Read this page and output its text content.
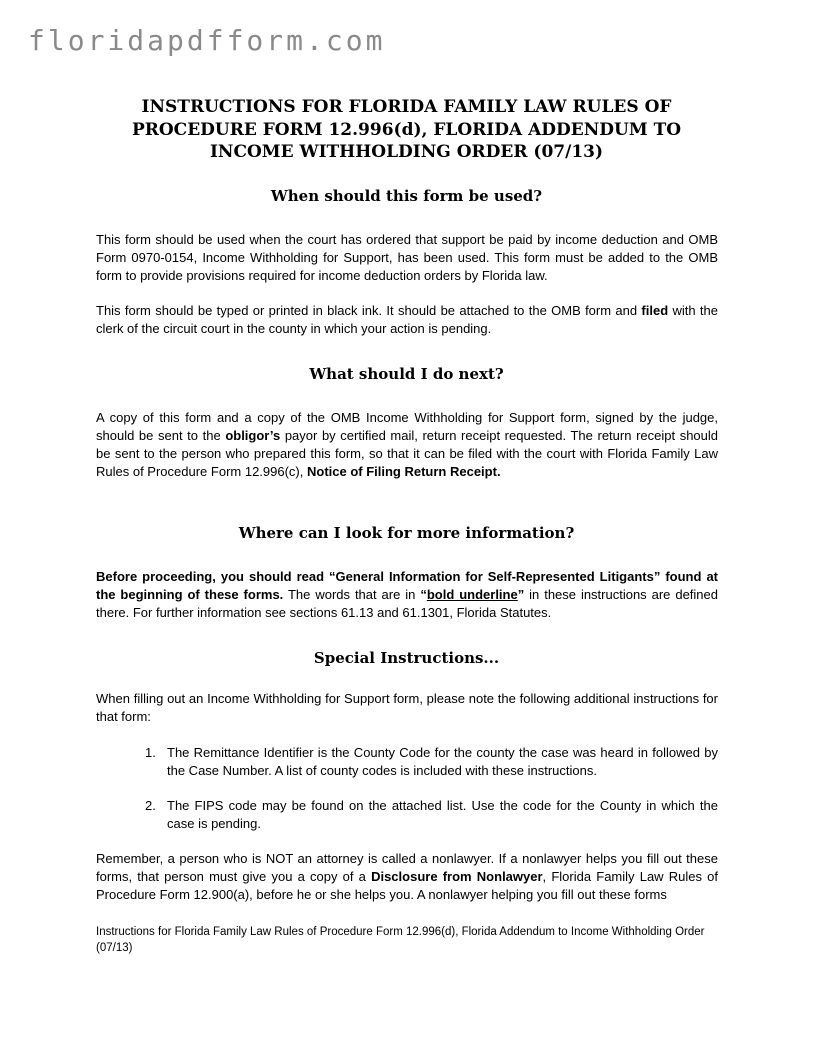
floridapdfform.com
INSTRUCTIONS FOR FLORIDA FAMILY LAW RULES OF
PROCEDURE FORM 12.996(d), FLORIDA ADDENDUM TO
INCOME WITHHOLDING ORDER (07/13)
When should this form be used?

This form should be used when the court has ordered that support be paid by income deduction and OMB Form 0970-0154, Income Withholding for Support, has been used. This form must be added to the OMB form to provide provisions required for income deduction orders by Florida law.

This form should be typed or printed in black ink. It should be attached to the OMB form and filed with the clerk of the circuit court in the county in which your action is pending.

What should I do next?

A copy of this form and a copy of the OMB Income Withholding for Support form, signed by the judge, should be sent to the obligor’s payor by certified mail, return receipt requested. The return receipt should be sent to the person who prepared this form, so that it can be filed with the court with Florida Family Law Rules of Procedure Form 12.996(c), Notice of Filing Return Receipt.

Where can I look for more information?

Before proceeding, you should read “General Information for Self-Represented Litigants” found at the beginning of these forms. The words that are in “bold underline” in these instructions are defined there. For further information see sections 61.13 and 61.1301, Florida Statutes.

Special Instructions...

When filling out an Income Withholding for Support form, please note the following additional instructions for that form:

1. The Remittance Identifier is the County Code for the county the case was heard in followed by the Case Number. A list of county codes is included with these instructions.
2. The FIPS code may be found on the attached list. Use the code for the County in which the case is pending.

Remember, a person who is NOT an attorney is called a nonlawyer. If a nonlawyer helps you fill out these forms, that person must give you a copy of a Disclosure from Nonlawyer, Florida Family Law Rules of Procedure Form 12.900(a), before he or she helps you. A nonlawyer helping you fill out these forms

Instructions for Florida Family Law Rules of Procedure Form 12.996(d), Florida Addendum to Income Withholding Order (07/13)
